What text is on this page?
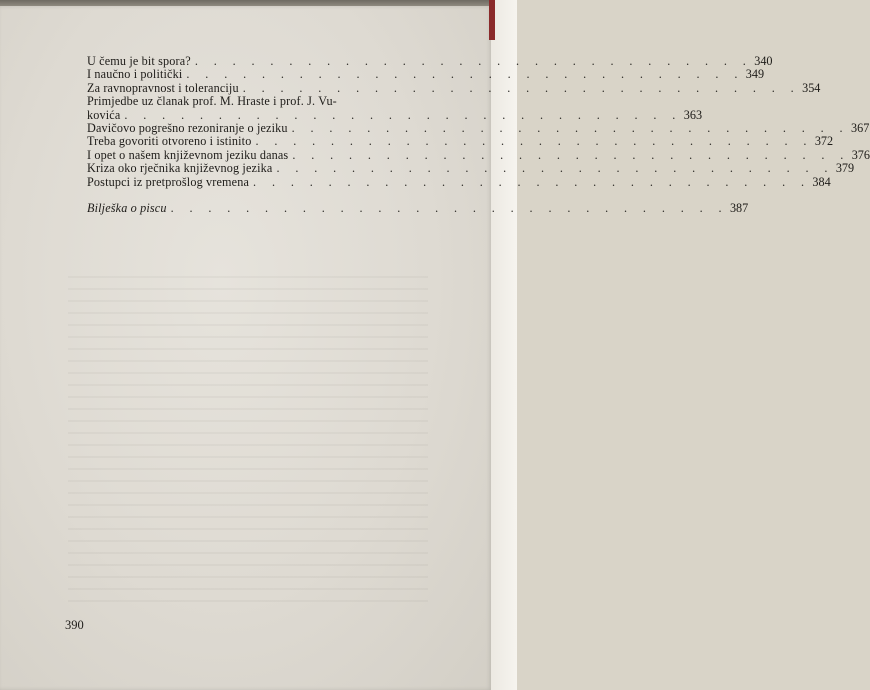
U čemu je bit spora? . . . . . . . . . . . . . . . . . . . . . . . . . . . . . . 340
I naučno i politički . . . . . . . . . . . . . . . . . . . . . . . . . . . . . . 349
Za ravnopravnost i toleranciju . . . . . . . . . . . . . . . . . . . . . . . . . . . . . . 354
Primjedbe uz članak prof. M. Hraste i prof. J. Vu-
kovića . . . . . . . . . . . . . . . . . . . . . . . . . . . . . . 363
Davičovo pogrešno rezoniranje o jeziku . . . . . . . . . . . . . . . . . . . . . . . . . . . . . . 367
Treba govoriti otvoreno i istinito . . . . . . . . . . . . . . . . . . . . . . . . . . . . . . 372
I opet o našem književnom jeziku danas . . . . . . . . . . . . . . . . . . . . . . . . . . . . . . 376
Kriza oko rječnika književnog jezika . . . . . . . . . . . . . . . . . . . . . . . . . . . . . . 379
Postupci iz pretprošlog vremena . . . . . . . . . . . . . . . . . . . . . . . . . . . . . . 384
Bilješka o piscu . . . . . . . . . . . . . . . . . . . . . . . . . . . . . . 387
390
